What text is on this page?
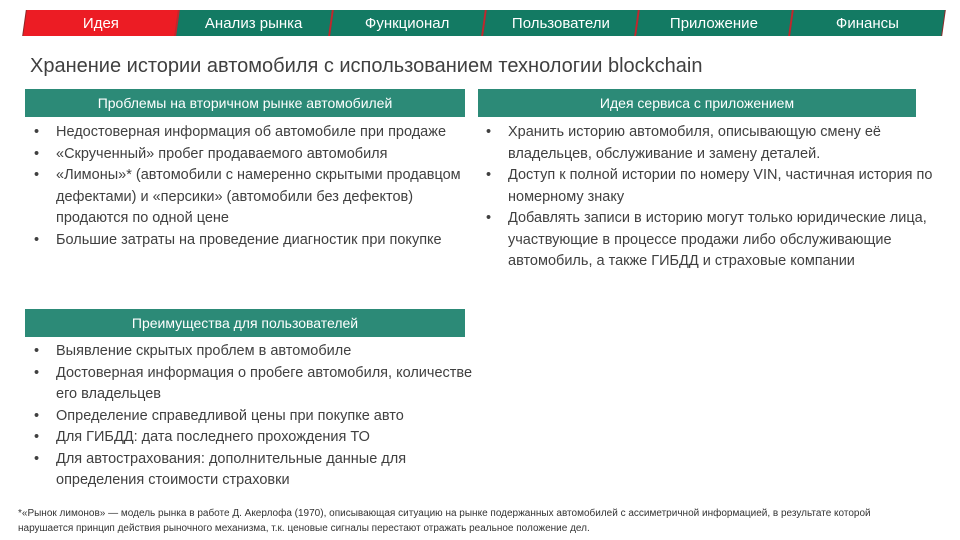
Идея	Анализ рынка	Функционал	Пользователи	Приложение	Финансы
Хранение истории автомобиля с использованием технологии blockchain
Проблемы на вторичном рынке автомобилей
• Недостоверная информация об автомобиле при продаже
• «Скрученный» пробег продаваемого автомобиля
• «Лимоны»* (автомобили с намеренно скрытыми продавцом дефектами) и «персики» (автомобили без дефектов) продаются по одной цене
• Большие затраты на проведение диагностик при покупке
Идея сервиса с приложением
• Хранить историю автомобиля, описывающую смену её владельцев, обслуживание и замену деталей.
• Доступ к полной истории по номеру VIN, частичная история по номерному знаку
• Добавлять записи в историю могут только юридические лица, участвующие в процессе продажи либо обслуживающие автомобиль, а также ГИБДД и страховые компании
Преимущества для пользователей
• Выявление скрытых проблем в автомобиле
• Достоверная информация о пробеге автомобиля, количестве его владельцев
• Определение справедливой цены при покупке авто
• Для ГИБДД: дата последнего прохождения ТО
• Для автострахования: дополнительные данные для определения стоимости страховки
*«Рынок лимонов» — модель рынка в работе Д. Акерлофа (1970), описывающая ситуацию на рынке подержанных автомобилей с ассиметричной информацией, в результате которой нарушается принцип действия рыночного механизма, т.к. ценовые сигналы перестают отражать реальное положение дел.
